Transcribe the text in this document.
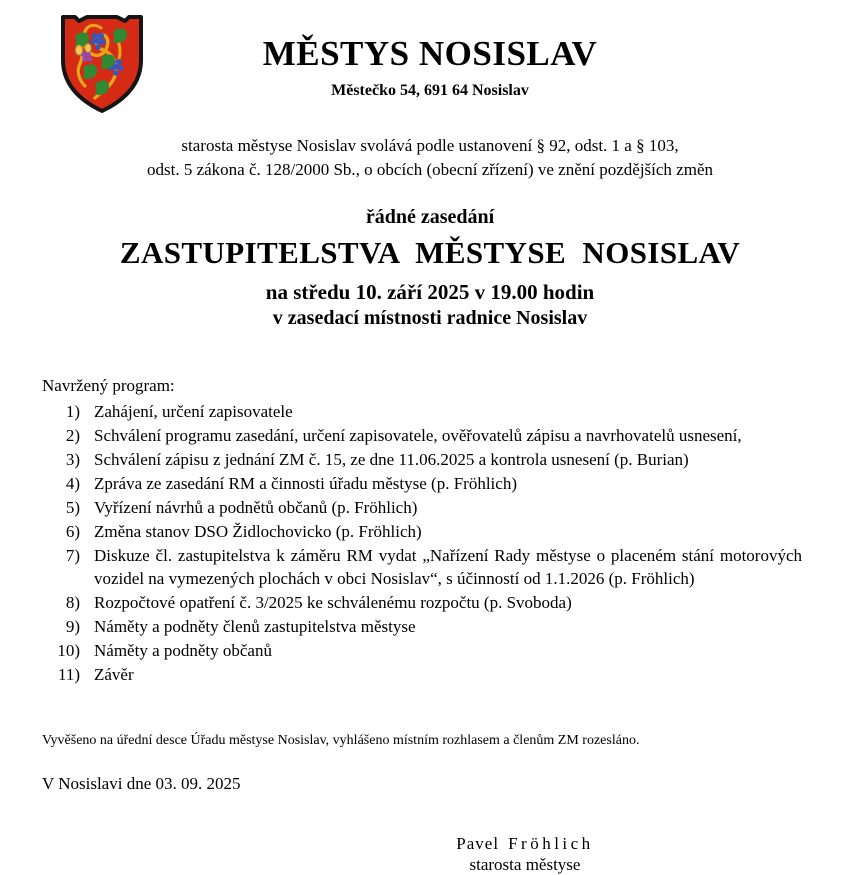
MĚSTYS NOSISLAV
Městečko 54, 691 64 Nosislav
starosta městyse Nosislav svolává podle ustanovení § 92, odst. 1 a § 103,
odst. 5 zákona č. 128/2000 Sb., o obcích (obecní zřízení) ve znění pozdějších změn
řádné zasedání
ZASTUPITELSTVA  MĚSTYSE  NOSISLAV
na středu 10. září 2025 v 19.00 hodin
v zasedací místnosti radnice Nosislav
Navržený program:
1) Zahájení, určení zapisovatele
2) Schválení programu zasedání, určení zapisovatele, ověřovatelů zápisu a navrhovatelů usnesení,
3) Schválení zápisu z jednání ZM č. 15, ze dne 11.06.2025 a kontrola usnesení (p. Burian)
4) Zpráva ze zasedání RM a činnosti úřadu městyse (p. Fröhlich)
5) Vyřízení návrhů a podnětů občanů (p. Fröhlich)
6) Změna stanov DSO Židlochovicko (p. Fröhlich)
7) Diskuze čl. zastupitelstva k záměru RM vydat „Nařízení Rady městyse o placeném stání motorových vozidel na vymezených plochách v obci Nosislav“, s účinností od 1.1.2026 (p. Fröhlich)
8) Rozpočtové opatření č. 3/2025 ke schválenému rozpočtu (p. Svoboda)
9) Náměty a podněty členů zastupitelstva městyse
10) Náměty a podněty občanů
11) Závěr
Vyvěšeno na úřední desce Úřadu městyse Nosislav, vyhlášeno místním rozhlasem a členům ZM rozesláno.
V Nosislavi dne 03. 09. 2025
Pavel Fröhlich
starosta městyse
